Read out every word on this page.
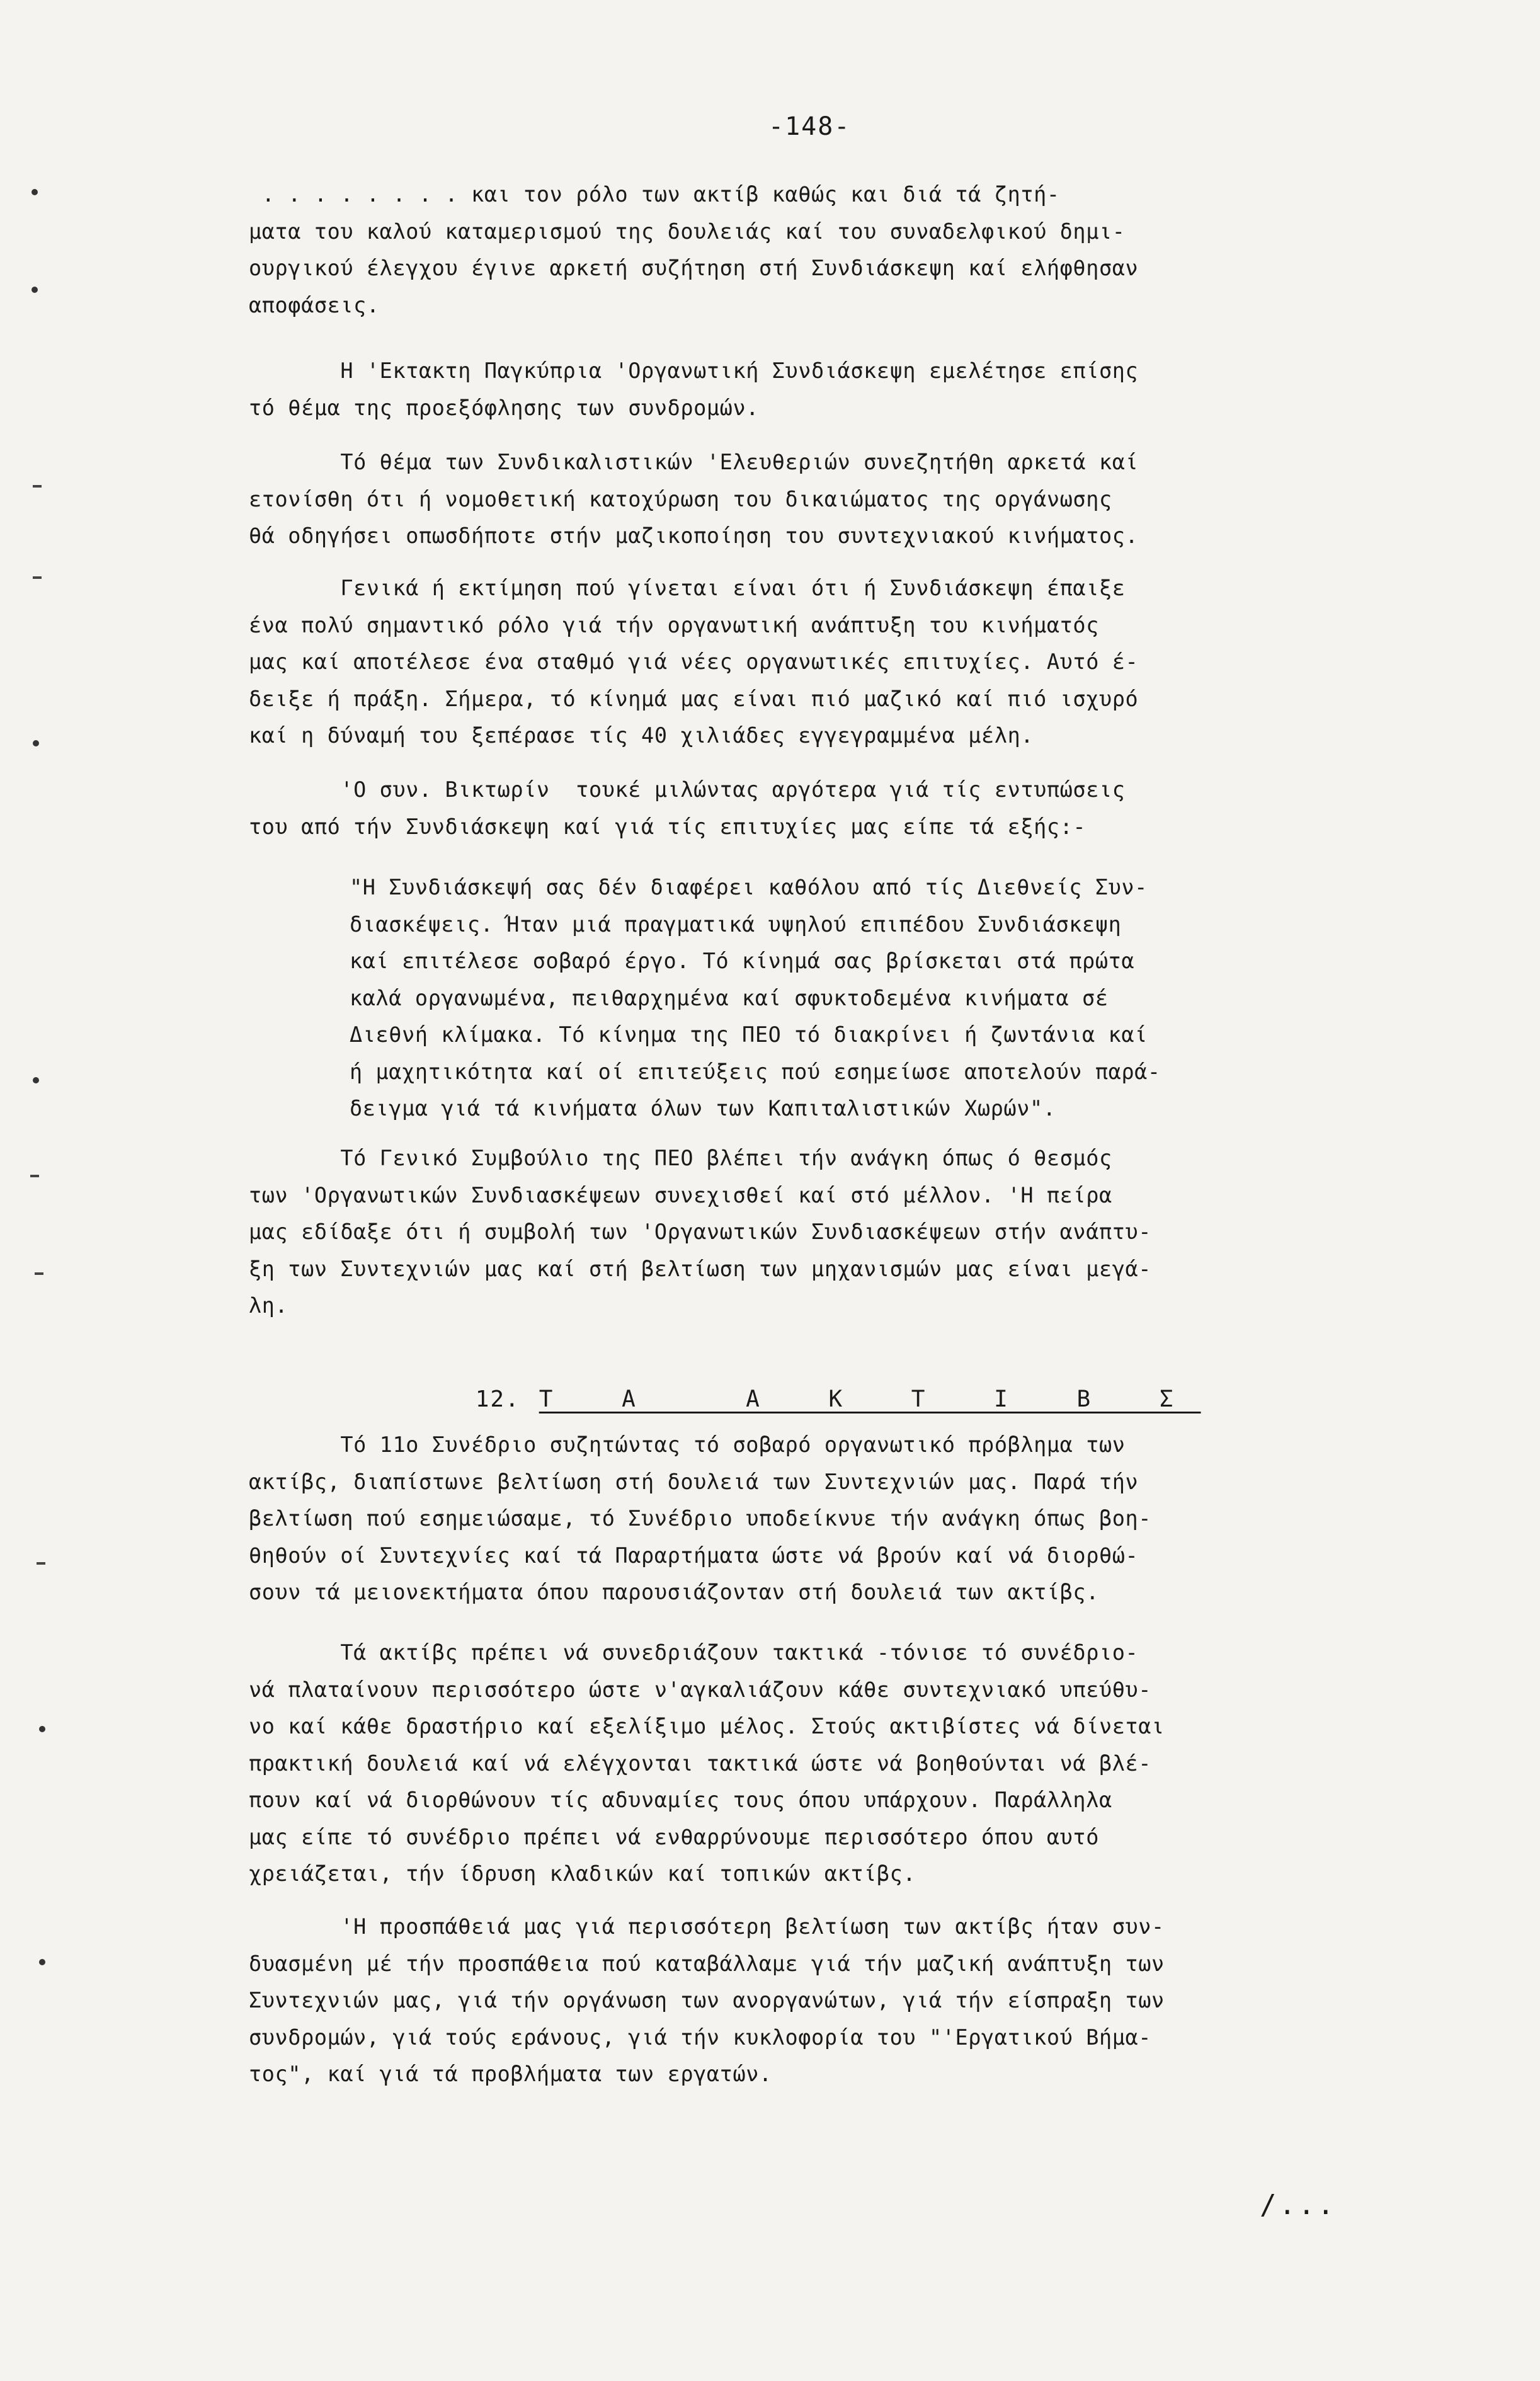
-148-
. . . . . . . . και τον ρόλο των ακτίβ καθώς και διά τά ζητή-
ματα του καλού καταμερισμού της δουλειάς καί του συναδελφικού δημι-
ουργικού έλεγχου έγινε αρκετή συζήτηση στή Συνδιάσκεψη καί ελήφθησαν
αποφάσεις.
Η 'Εκτακτη Παγκύπρια 'Οργανωτική Συνδιάσκεψη εμελέτησε επίσης
τό θέμα της προεξόφλησης των συνδρομών.
Τό θέμα των Συνδικαλιστικών 'Ελευθεριών συνεζητήθη αρκετά καί
ετονίσθη ότι ή νομοθετική κατοχύρωση του δικαιώματος της οργάνωσης
θά οδηγήσει οπωσδήποτε στήν μαζικοποίηση του συντεχνιακού κινήματος.
Γενικά ή εκτίμηση πού γίνεται είναι ότι ή Συνδιάσκεψη έπαιξε
ένα πολύ σημαντικό ρόλο γιά τήν οργανωτική ανάπτυξη του κινήματός
μας καί αποτέλεσε ένα σταθμό γιά νέες οργανωτικές επιτυχίες. Αυτό έ-
δειξε ή πράξη. Σήμερα, τό κίνημά μας είναι πιό μαζικό καί πιό ισχυρό
καί η δύναμή του ξεπέρασε τίς 40 χιλιάδες εγγεγραμμένα μέλη.
'Ο συν. Βικτωρίν  τουκέ μιλώντας αργότερα γιά τίς εντυπώσεις
του από τήν Συνδιάσκεψη καί γιά τίς επιτυχίες μας είπε τά εξής:-
"Η Συνδιάσκεψή σας δέν διαφέρει καθόλου από τίς Διεθνείς Συν-
διασκέψεις. Ήταν μιά πραγματικά υψηλού επιπέδου Συνδιάσκεψη
καί επιτέλεσε σοβαρό έργο. Τό κίνημά σας βρίσκεται στά πρώτα
καλά οργανωμένα, πειθαρχημένα καί σφυκτοδεμένα κινήματα σέ
Διεθνή κλίμακα. Τό κίνημα της ΠΕΟ τό διακρίνει ή ζωντάνια καί
ή μαχητικότητα καί οί επιτεύξεις πού εσημείωσε αποτελούν παρά-
δειγμα γιά τά κινήματα όλων των Καπιταλιστικών Χωρών".
Τό Γενικό Συμβούλιο της ΠΕΟ βλέπει τήν ανάγκη όπως ό θεσμός
των 'Οργανωτικών Συνδιασκέψεων συνεχισθεί καί στό μέλλον. 'Η πείρα
μας εδίδαξε ότι ή συμβολή των 'Οργανωτικών Συνδιασκέψεων στήν ανάπτυ-
ξη των Συντεχνιών μας καί στή βελτίωση των μηχανισμών μας είναι μεγά-
λη.

12. Τ Α  Α Κ Τ Ι Β Σ

Τό 11ο Συνέδριο συζητώντας τό σοβαρό οργανωτικό πρόβλημα των
ακτίβς, διαπίστωνε βελτίωση στή δουλειά των Συντεχνιών μας. Παρά τήν
βελτίωση πού εσημειώσαμε, τό Συνέδριο υποδείκνυε τήν ανάγκη όπως βοη-
θηθούν οί Συντεχνίες καί τά Παραρτήματα ώστε νά βρούν καί νά διορθώ-
σουν τά μειονεκτήματα όπου παρουσιάζονταν στή δουλειά των ακτίβς.
Τά ακτίβς πρέπει νά συνεδριάζουν τακτικά -τόνισε τό συνέδριο-
νά πλαταίνουν περισσότερο ώστε ν'αγκαλιάζουν κάθε συντεχνιακό υπεύθυ-
νο καί κάθε δραστήριο καί εξελίξιμο μέλος. Στούς ακτιβίστες νά δίνεται
πρακτική δουλειά καί νά ελέγχονται τακτικά ώστε νά βοηθούνται νά βλέ-
πουν καί νά διορθώνουν τίς αδυναμίες τους όπου υπάρχουν. Παράλληλα
μας είπε τό συνέδριο πρέπει νά ενθαρρύνουμε περισσότερο όπου αυτό
χρειάζεται, τήν ίδρυση κλαδικών καί τοπικών ακτίβς.
'Η προσπάθειά μας γιά περισσότερη βελτίωση των ακτίβς ήταν συν-
δυασμένη μέ τήν προσπάθεια πού καταβάλλαμε γιά τήν μαζική ανάπτυξη των
Συντεχνιών μας, γιά τήν οργάνωση των ανοργανώτων, γιά τήν είσπραξη των
συνδρομών, γιά τούς εράνους, γιά τήν κυκλοφορία του "'Εργατικού Βήμα-
τος", καί γιά τά προβλήματα των εργατών.
/...
